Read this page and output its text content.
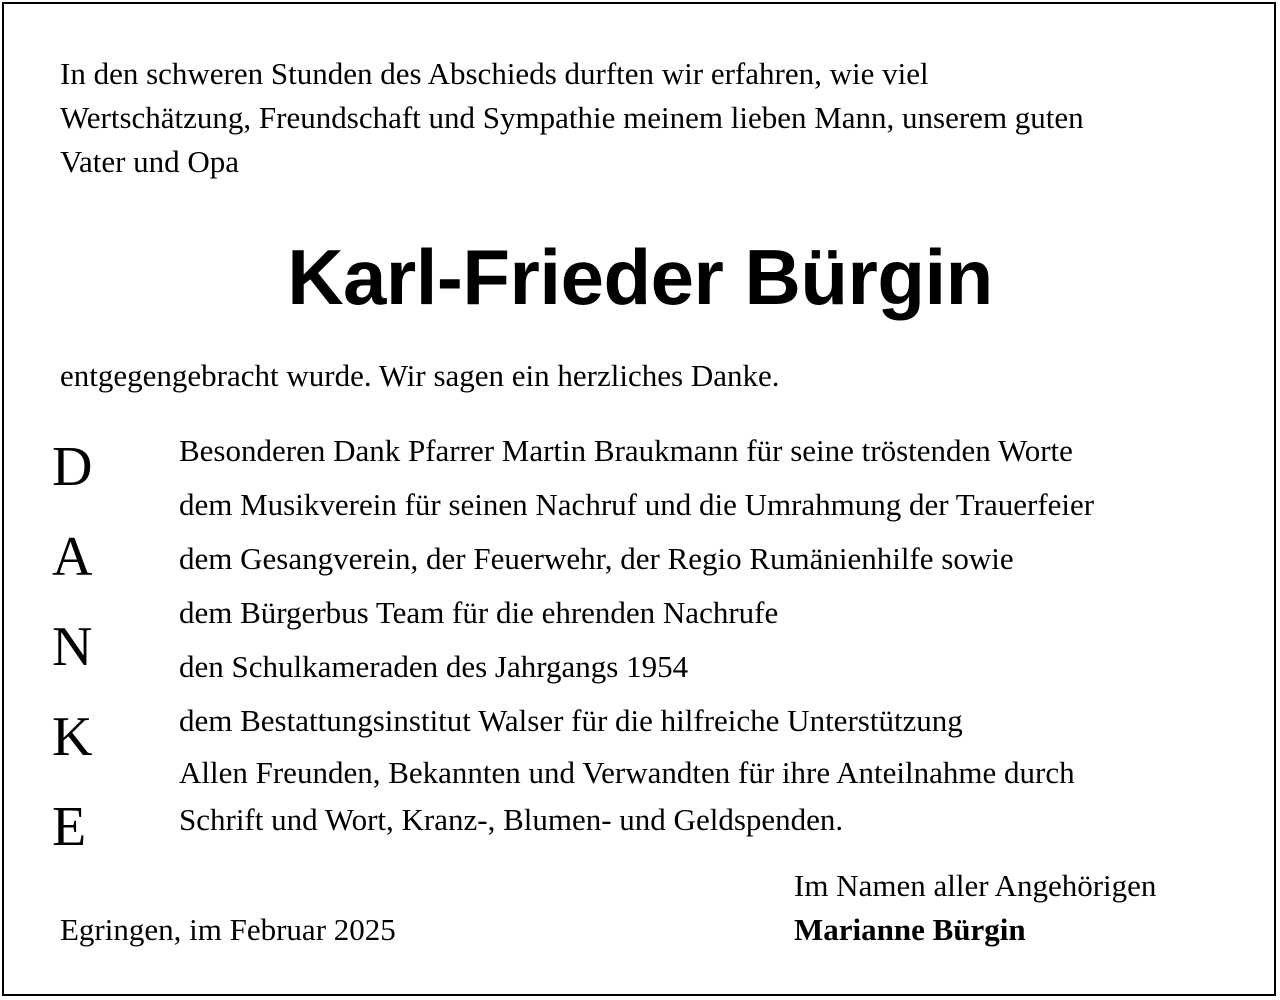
In den schweren Stunden des Abschieds durften wir erfahren, wie viel
Wertschätzung, Freundschaft und Sympathie meinem lieben Mann, unserem guten
Vater und Opa
Karl-Frieder Bürgin
entgegengebracht wurde. Wir sagen ein herzliches Danke.
D
A
N
K
E
Besonderen Dank Pfarrer Martin Braukmann für seine tröstenden Worte
dem Musikverein für seinen Nachruf und die Umrahmung der Trauerfeier
dem Gesangverein, der Feuerwehr, der Regio Rumänienhilfe sowie
dem Bürgerbus Team für die ehrenden Nachrufe
den Schulkameraden des Jahrgangs 1954
dem Bestattungsinstitut Walser für die hilfreiche Unterstützung
Allen Freunden, Bekannten und Verwandten für ihre Anteilnahme durch
Schrift und Wort, Kranz-, Blumen- und Geldspenden.
Im Namen aller Angehörigen
Marianne Bürgin
Egringen, im Februar 2025
